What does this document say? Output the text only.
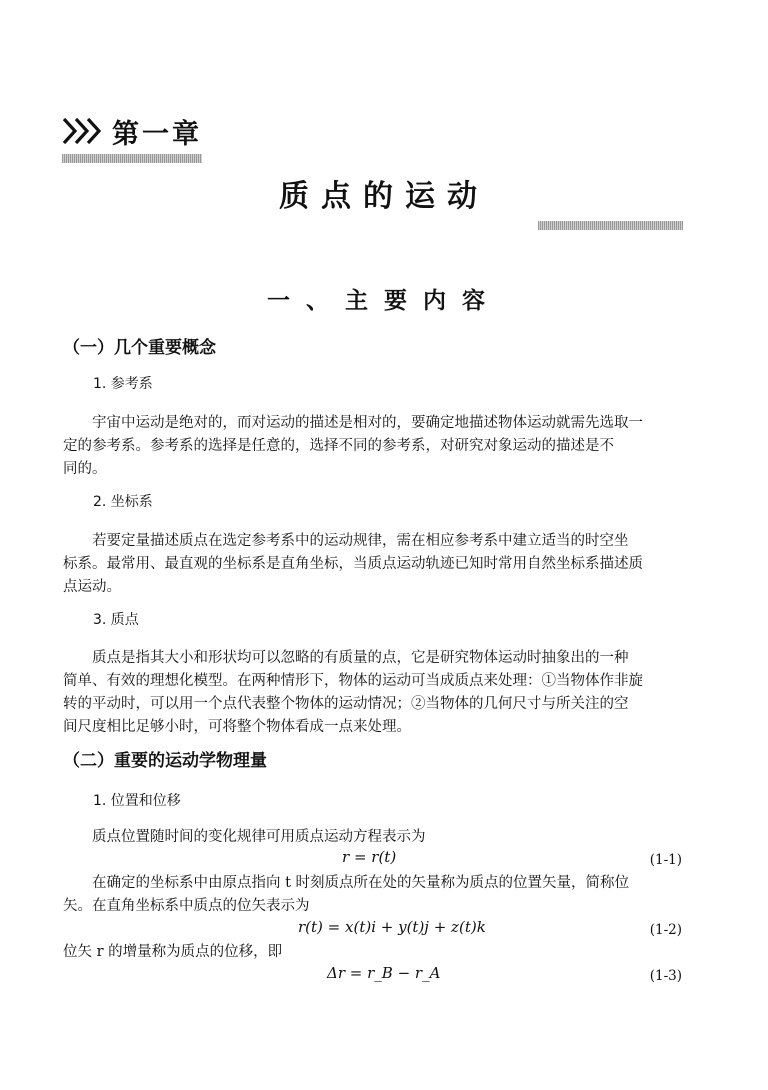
第一章
质点的运动
一、主要内容
（一）几个重要概念
1. 参考系
宇宙中运动是绝对的，而对运动的描述是相对的，要确定地描述物体运动就需先选取一
定的参考系。参考系的选择是任意的，选择不同的参考系，对研究对象运动的描述是不
同的。
2. 坐标系
若要定量描述质点在选定参考系中的运动规律，需在相应参考系中建立适当的时空坐
标系。最常用、最直观的坐标系是直角坐标，当质点运动轨迹已知时常用自然坐标系描述质
点运动。
3. 质点
质点是指其大小和形状均可以忽略的有质量的点，它是研究物体运动时抽象出的一种
简单、有效的理想化模型。在两种情形下，物体的运动可当成质点来处理：①当物体作非旋
转的平动时，可以用一个点代表整个物体的运动情况；②当物体的几何尺寸与所关注的空
间尺度相比足够小时，可将整个物体看成一点来处理。
（二）重要的运动学物理量
1. 位置和位移
质点位置随时间的变化规律可用质点运动方程表示为
r = r(t)	(1-1)
在确定的坐标系中由原点指向 t 时刻质点所在处的矢量称为质点的位置矢量，简称位
矢。在直角坐标系中质点的位矢表示为
r(t) = x(t)i + y(t)j + z(t)k	(1-2)
位矢 r 的增量称为质点的位移，即
Δr = r_B − r_A	(1-3)
